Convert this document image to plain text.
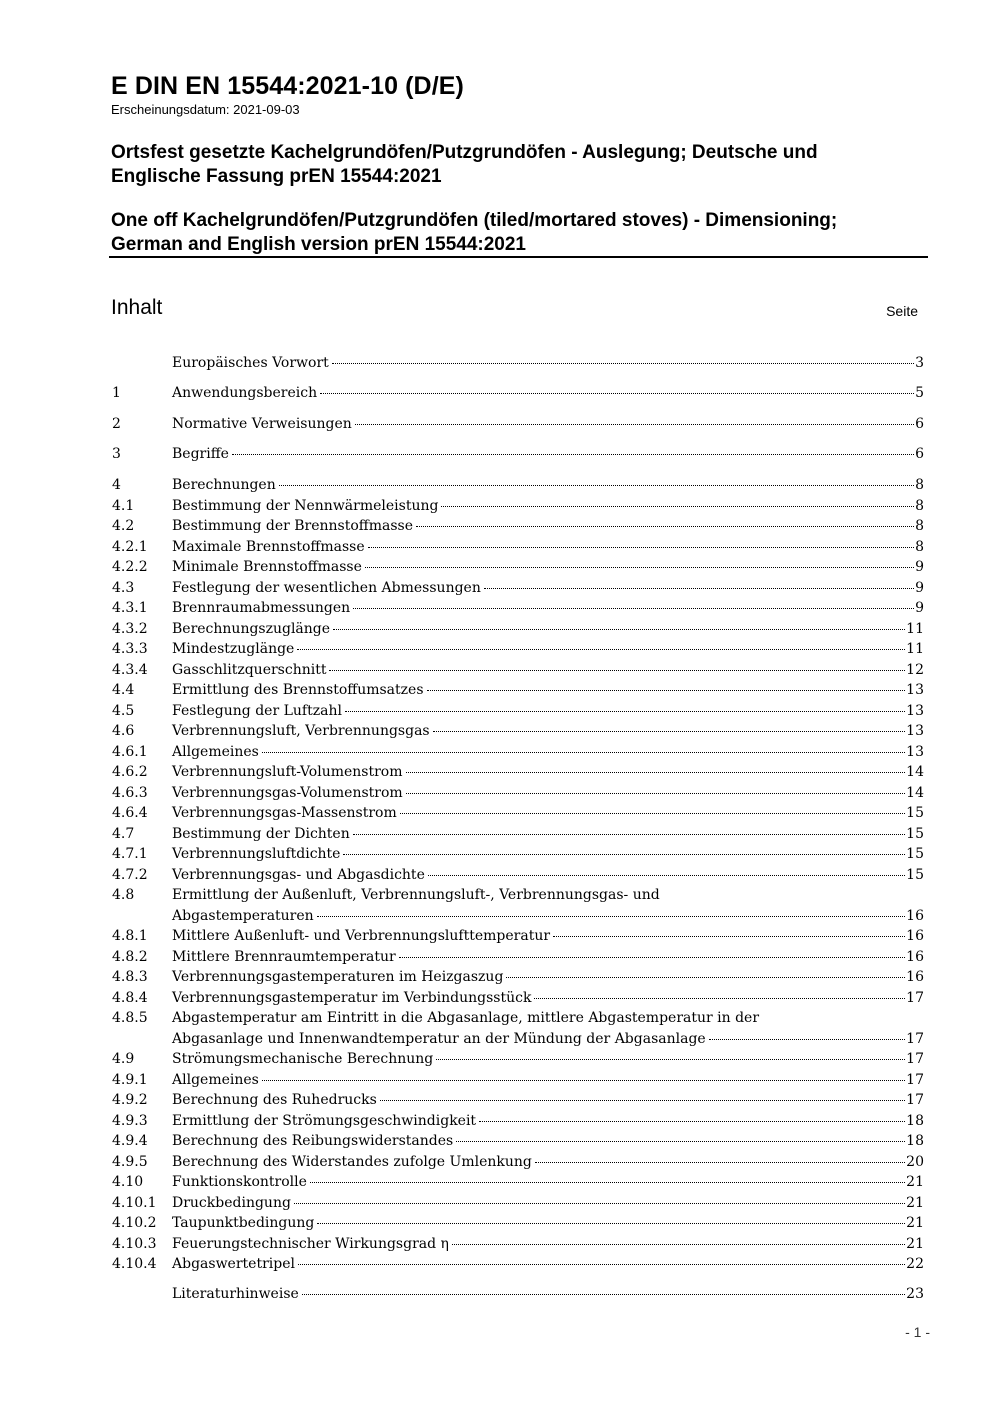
E DIN EN 15544:2021-10 (D/E)
Erscheinungsdatum: 2021-09-03
Ortsfest gesetzte Kachelgrundöfen/Putzgrundöfen - Auslegung; Deutsche und
Englische Fassung prEN 15544:2021
One off Kachelgrundöfen/Putzgrundöfen (tiled/mortared stoves) - Dimensioning;
German and English version prEN 15544:2021
Inhalt	Seite
Europäisches Vorwort	3
1	Anwendungsbereich	5
2	Normative Verweisungen	6
3	Begriffe	6
4	Berechnungen	8
4.1	Bestimmung der Nennwärmeleistung	8
4.2	Bestimmung der Brennstoffmasse	8
4.2.1	Maximale Brennstoffmasse	8
4.2.2	Minimale Brennstoffmasse	9
4.3	Festlegung der wesentlichen Abmessungen	9
4.3.1	Brennraumabmessungen	9
4.3.2	Berechnungszuglänge	11
4.3.3	Mindestzuglänge	11
4.3.4	Gasschlitzquerschnitt	12
4.4	Ermittlung des Brennstoffumsatzes	13
4.5	Festlegung der Luftzahl	13
4.6	Verbrennungsluft, Verbrennungsgas	13
4.6.1	Allgemeines	13
4.6.2	Verbrennungsluft-Volumenstrom	14
4.6.3	Verbrennungsgas-Volumenstrom	14
4.6.4	Verbrennungsgas-Massenstrom	15
4.7	Bestimmung der Dichten	15
4.7.1	Verbrennungsluftdichte	15
4.7.2	Verbrennungsgas- und Abgasdichte	15
4.8	Ermittlung der Außenluft, Verbrennungsluft-, Verbrennungsgas- und
Abgastemperaturen	16
4.8.1	Mittlere Außenluft- und Verbrennungslufttemperatur	16
4.8.2	Mittlere Brennraumtemperatur	16
4.8.3	Verbrennungsgastemperaturen im Heizgaszug	16
4.8.4	Verbrennungsgastemperatur im Verbindungsstück	17
4.8.5	Abgastemperatur am Eintritt in die Abgasanlage, mittlere Abgastemperatur in der
Abgasanlage und Innenwandtemperatur an der Mündung der Abgasanlage	17
4.9	Strömungsmechanische Berechnung	17
4.9.1	Allgemeines	17
4.9.2	Berechnung des Ruhedrucks	17
4.9.3	Ermittlung der Strömungsgeschwindigkeit	18
4.9.4	Berechnung des Reibungswiderstandes	18
4.9.5	Berechnung des Widerstandes zufolge Umlenkung	20
4.10	Funktionskontrolle	21
4.10.1	Druckbedingung	21
4.10.2	Taupunktbedingung	21
4.10.3	Feuerungstechnischer Wirkungsgrad η	21
4.10.4	Abgaswertetripel	22
Literaturhinweise	23
- 1 -
